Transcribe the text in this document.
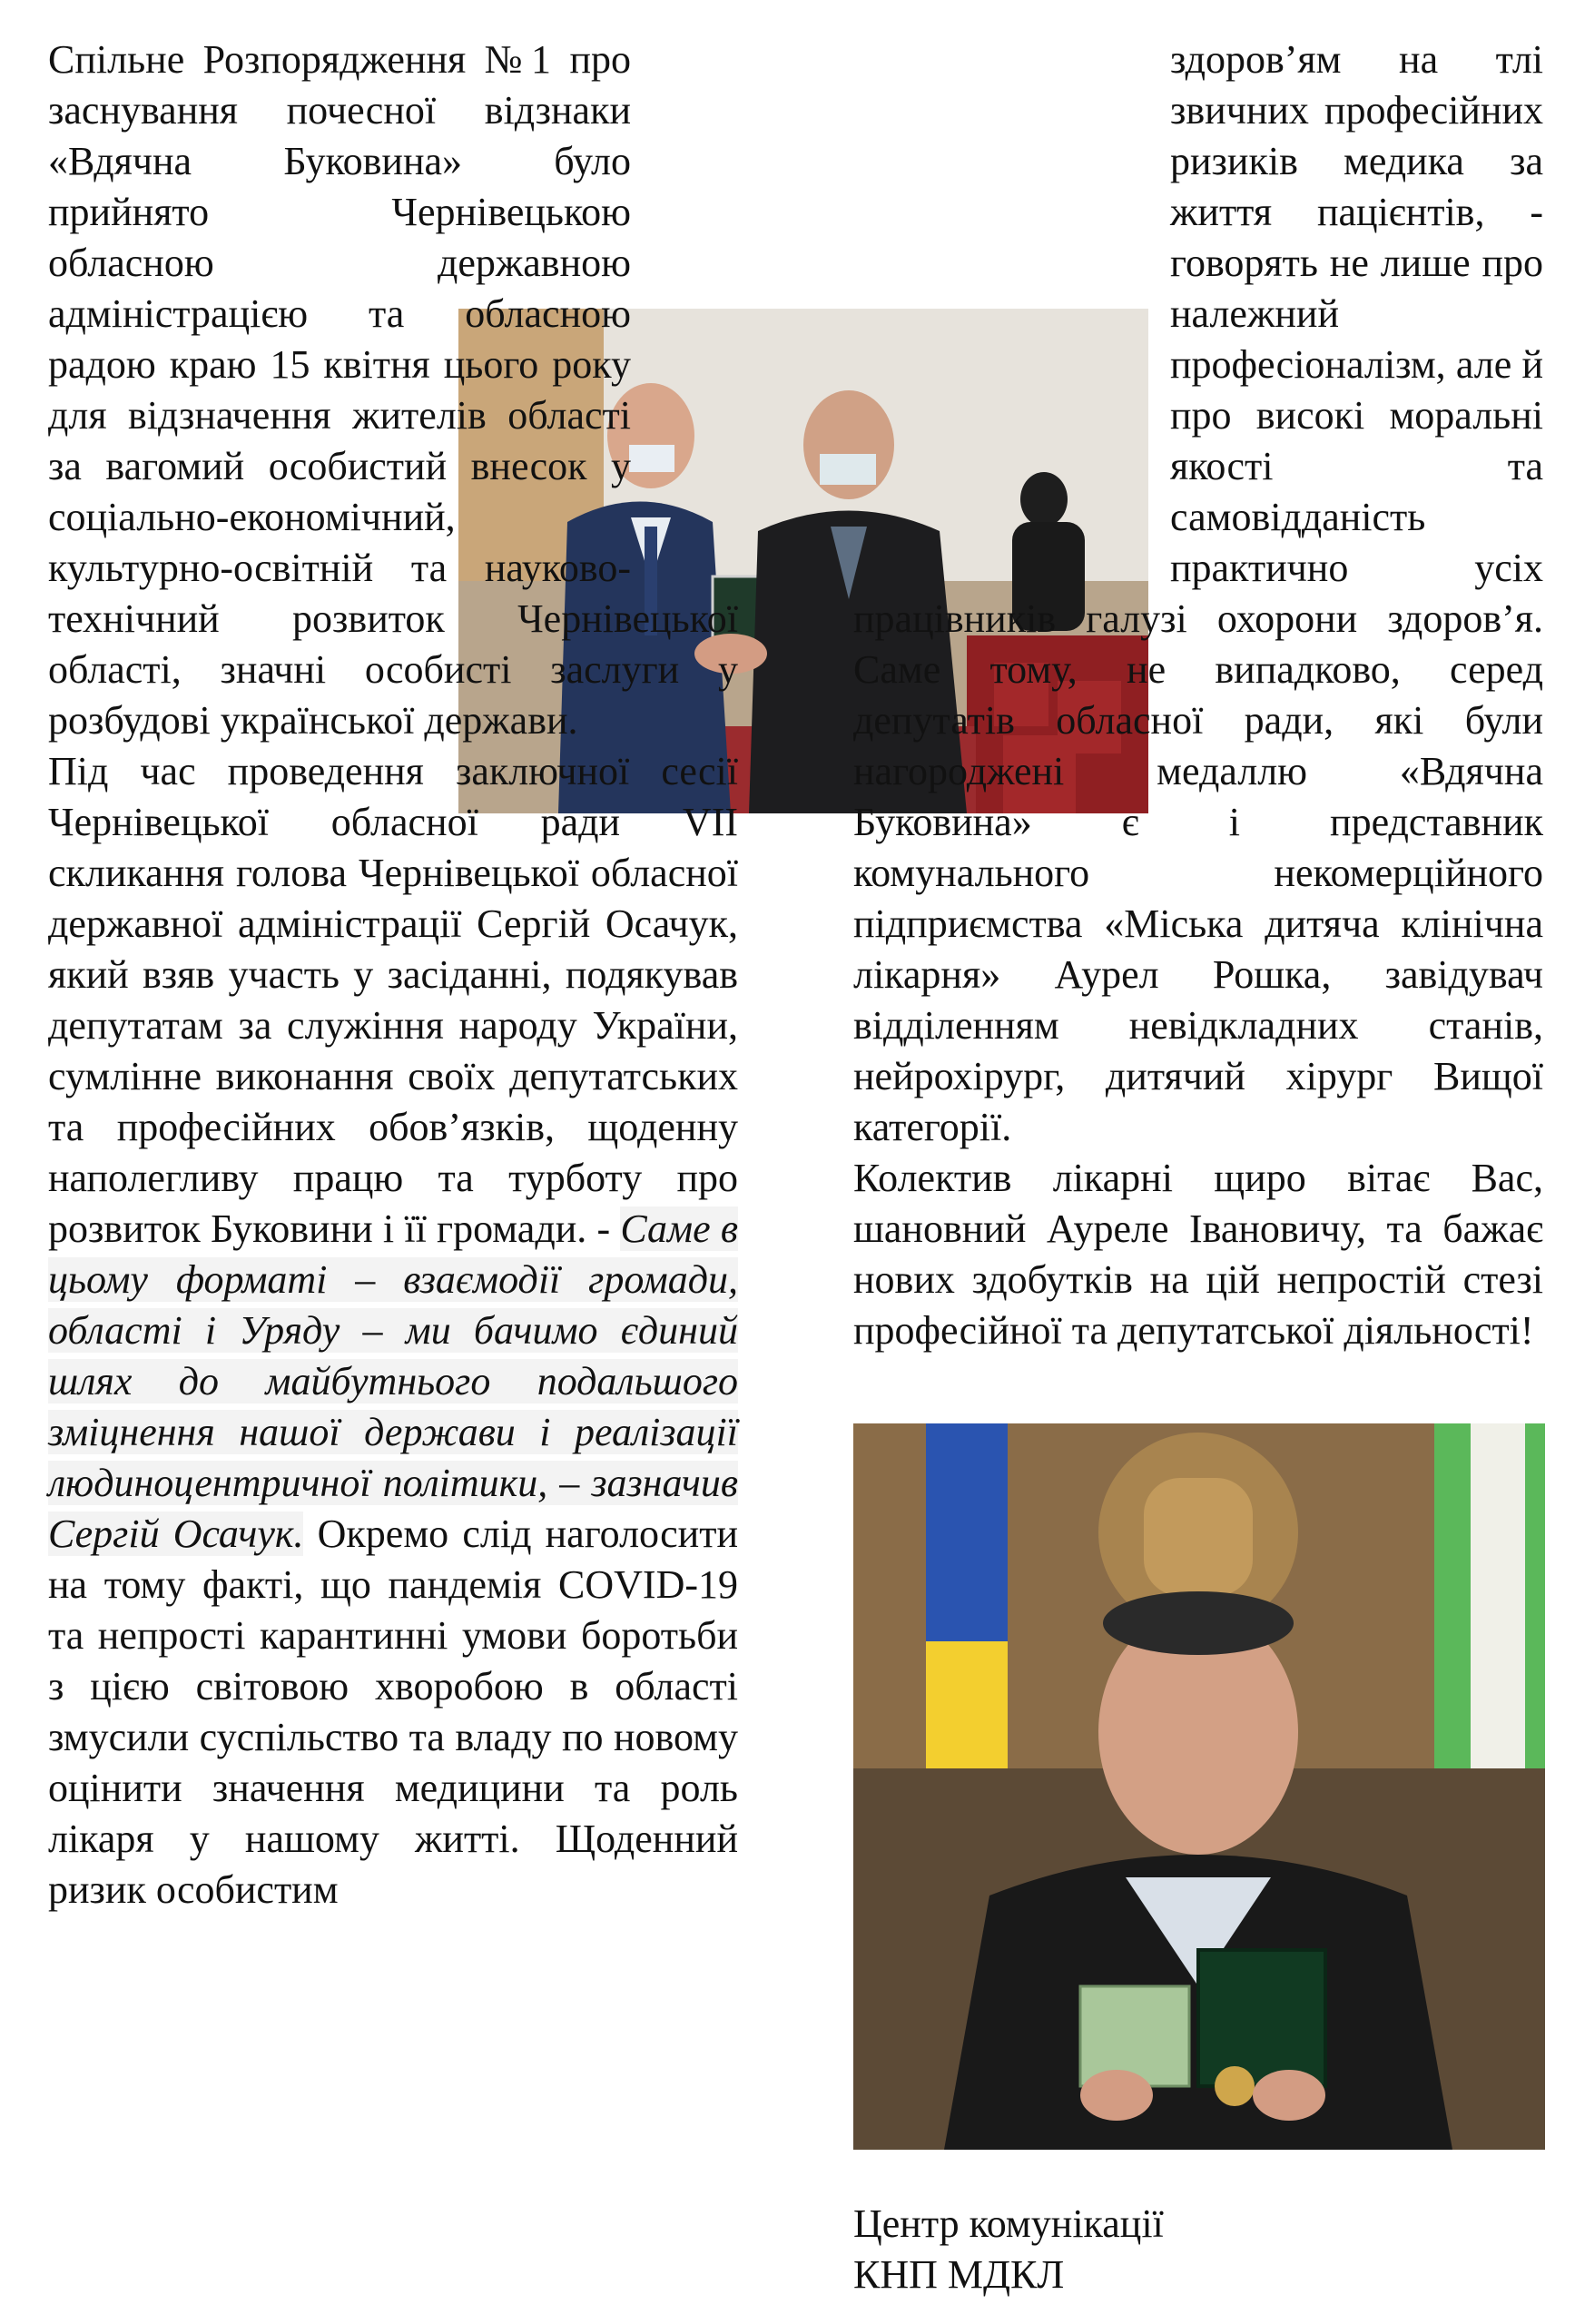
Спільне Розпорядження №1 про заснування почесної відзнаки «Вдячна Буковина» було прийнято Чернівецькою обласною державною адміністрацією та обласною радою краю 15 квітня цього року для відзначення жителів області за вагомий особистий внесок у соціально-економічний, культурно-освітній та науково-технічний розвиток Чернівецької області, значні особисті заслуги у розбудові української держави.

Під час проведення заключної сесії Чернівецької обласної ради VII скликання голова Чернівецької обласної державної адміністрації Сергій Осачук, який взяв участь у засіданні, подякував депутатам за служіння народу України, сумлінне виконання своїх депутатських та професійних обов’язків, щоденну наполегливу працю та турботу про розвиток Буковини і її громади. - Саме в цьому форматі – взаємодії громади, області і Уряду – ми бачимо єдиний шлях до майбутнього подальшого зміцнення нашої держави і реалізації людиноцентричної політики, – зазначив Сергій Осачук. Окремо слід наголосити на тому факті, що пандемія COVID-19 та непрості карантинні умови боротьби з цією світовою хворобою в області змусили суспільство та владу по новому оцінити значення медицини та роль лікаря у нашому житті. Щоденний ризик особистим

здоров’ям на тлі звичних професійних ризиків медика за життя пацієнтів, - говорять не лише про належний професіоналізм, але й про високі моральні якості та самовідданість практично усіх працівників галузі охорони здоров’я. Саме тому, не випадково, серед депутатів обласної ради, які були нагороджені медаллю «Вдячна Буковина» є і представник комунального некомерційного підприємства «Міська дитяча клінічна лікарня» Аурел Рошка, завідувач відділенням невідкладних станів, нейрохірург, дитячий хірург Вищої категорії.

Колектив лікарні щиро вітає Вас, шановний Ауреле Івановичу, та бажає нових здобутків на цій непростій стезі професійної та депутатської діяльності!

Центр комунікації
КНП МДКЛ
